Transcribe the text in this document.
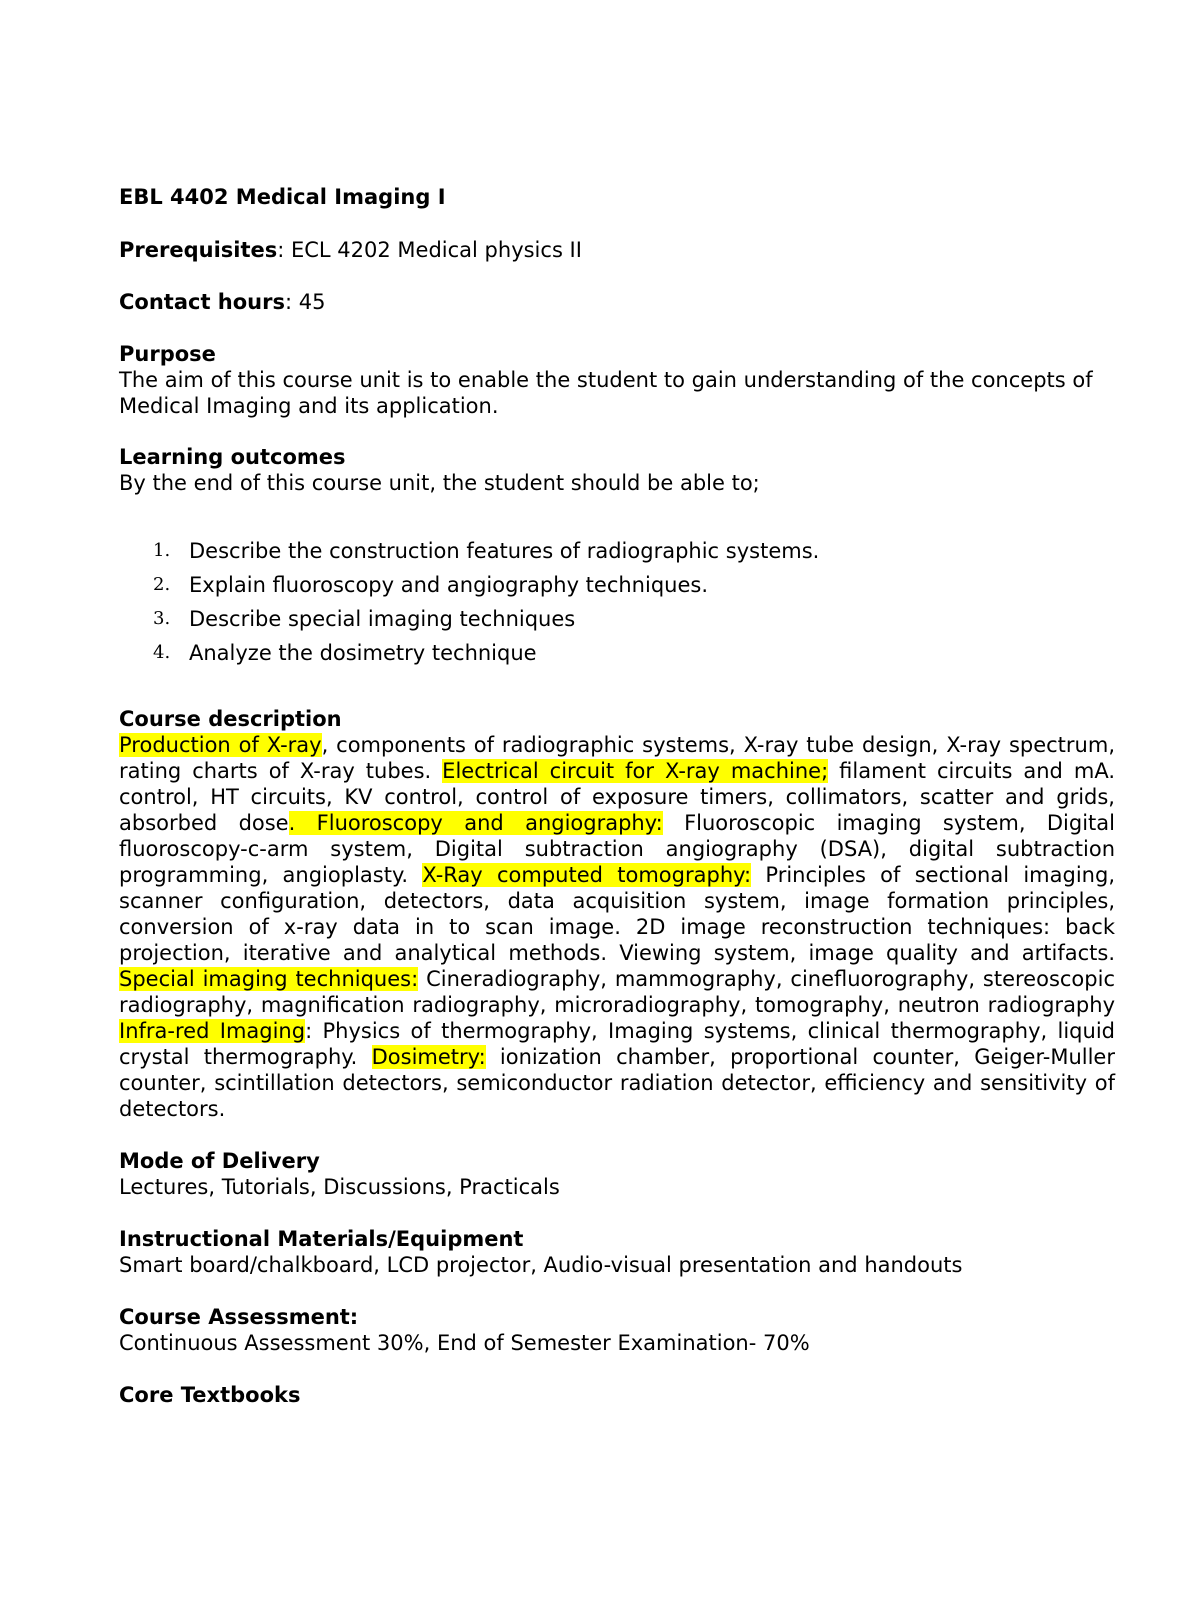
EBL 4402 Medical Imaging I
Prerequisites: ECL 4202 Medical physics II
Contact hours: 45
Purpose

The aim of this course unit is to enable the student to gain understanding of the concepts of Medical Imaging and its application.

Learning outcomes

By the end of this course unit, the student should be able to;

1. Describe the construction features of radiographic systems.
2. Explain fluoroscopy and angiography techniques.
3. Describe special imaging techniques
4. Analyze the dosimetry technique
Course description

Production of X-ray, components of radiographic systems, X-ray tube design, X-ray spectrum, rating charts of X-ray tubes. Electrical circuit for X-ray machine; filament circuits and mA. control, HT circuits, KV control, control of exposure timers, collimators, scatter and grids, absorbed dose. Fluoroscopy and angiography: Fluoroscopic imaging system, Digital fluoroscopy-c-arm system, Digital subtraction angiography (DSA), digital subtraction programming, angioplasty. X-Ray computed tomography: Principles of sectional imaging, scanner configuration, detectors, data acquisition system, image formation principles, conversion of x-ray data in to scan image. 2D image reconstruction techniques: back projection, iterative and analytical methods. Viewing system, image quality and artifacts. Special imaging techniques: Cineradiography, mammography, cinefluorography, stereoscopic radiography, magnification radiography, microradiography, tomography, neutron radiography Infra-red Imaging: Physics of thermography, Imaging systems, clinical thermography, liquid crystal thermography. Dosimetry: ionization chamber, proportional counter, Geiger-Muller counter, scintillation detectors, semiconductor radiation detector, efficiency and sensitivity of detectors.

Mode of Delivery

Lectures, Tutorials, Discussions, Practicals

Instructional Materials/Equipment

Smart board/chalkboard, LCD projector, Audio-visual presentation and handouts

Course Assessment:

Continuous Assessment 30%, End of Semester Examination- 70%

Core Textbooks
